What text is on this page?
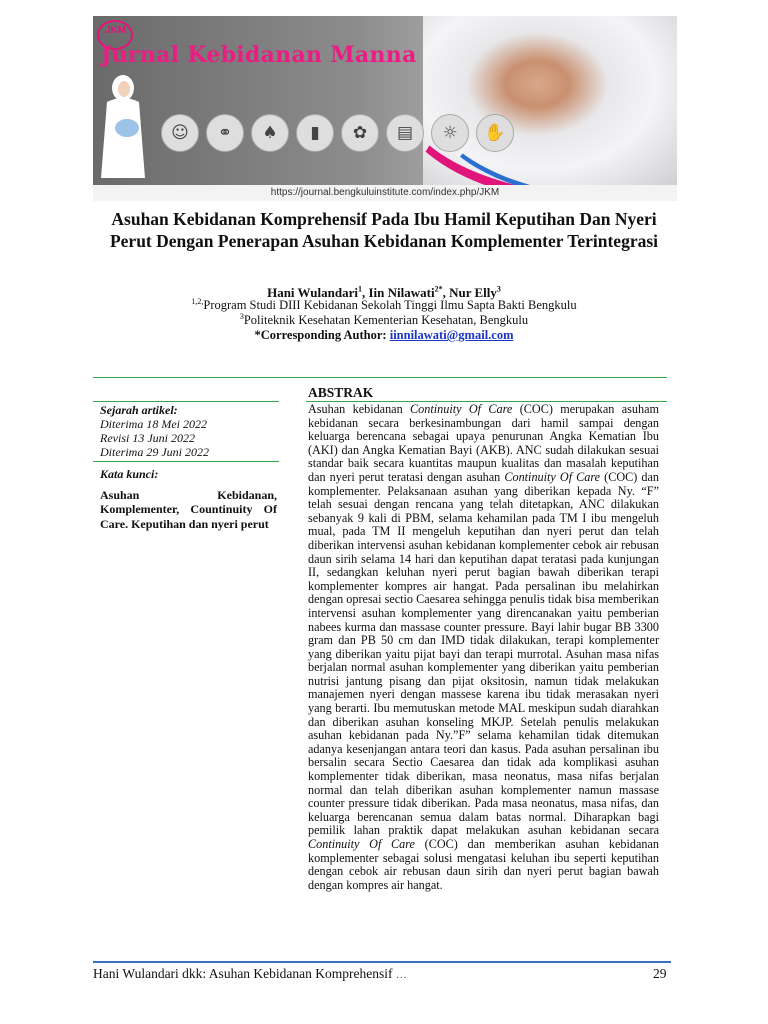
JKM
Jurnal Kebidanan Manna
☺	⚭	♠	▮	✿	▤	☼	✋
https://journal.bengkuluinstitute.com/index.php/JKM
Asuhan Kebidanan Komprehensif Pada Ibu Hamil Keputihan Dan Nyeri
Perut Dengan Penerapan Asuhan Kebidanan Komplementer Terintegrasi
Hani Wulandari$^1$, Iin Nilawati$^{2*}$, Nur Elly$^3$
$^{1,2,}$Program Studi DIII Kebidanan Sekolah Tinggi Ilmu Sapta Bakti Bengkulu
$^3$Politeknik Kesehatan Kementerian Kesehatan, Bengkulu
*Corresponding Author: iinnilawati@gmail.com
ABSTRAK
Sejarah artikel:
Diterima 18 Mei 2022
Revisi 13 Juni 2022
Diterima 29 Juni 2022
Kata kunci:
Asuhan Kebidanan, Komplementer, Countinuity Of Care. Keputihan dan nyeri perut

Asuhan kebidanan Continuity Of Care (COC) merupakan asuham kebidanan secara berkesinambungan dari hamil sampai dengan keluarga berencana sebagai upaya penurunan Angka Kematian Ibu (AKI) dan Angka Kematian Bayi (AKB). ANC sudah dilakukan sesuai standar baik secara kuantitas maupun kualitas dan masalah keputihan dan nyeri perut teratasi dengan asuhan Continuity Of Care (COC) dan komplementer. Pelaksanaan asuhan yang diberikan kepada Ny. “F” telah sesuai dengan rencana yang telah ditetapkan, ANC dilakukan sebanyak 9 kali di PBM, selama kehamilan pada TM I ibu mengeluh mual, pada TM II mengeluh keputihan dan nyeri perut dan telah diberikan intervensi asuhan kebidanan komplementer cebok air rebusan daun sirih selama 14 hari dan keputihan dapat teratasi pada kunjungan II, sedangkan keluhan nyeri perut bagian bawah diberikan terapi komplementer kompres air hangat. Pada persalinan ibu melahirkan dengan opresai sectio Caesarea sehingga penulis tidak bisa memberikan intervensi asuhan komplementer yang direncanakan yaitu pemberian nabees kurma dan massase counter pressure. Bayi lahir bugar BB 3300 gram dan PB 50 cm dan IMD tidak dilakukan, terapi komplementer yang diberikan yaitu pijat bayi dan terapi murrotal. Asuhan masa nifas berjalan normal asuhan komplementer yang diberikan yaitu pemberian nutrisi jantung pisang dan pijat oksitosin, namun tidak melakukan manajemen nyeri dengan massese karena ibu tidak merasakan nyeri yang berarti. Ibu memutuskan metode MAL meskipun sudah diarahkan dan diberikan asuhan konseling MKJP. Setelah penulis melakukan asuhan kebidanan pada Ny.”F” selama kehamilan tidak ditemukan adanya kesenjangan antara teori dan kasus. Pada asuhan persalinan ibu bersalin secara Sectio Caesarea dan tidak ada komplikasi asuhan komplementer tidak diberikan, masa neonatus, masa nifas berjalan normal dan telah diberikan asuhan komplementer namun massase counter pressure tidak diberikan. Pada masa neonatus, masa nifas, dan keluarga berencanan semua dalam batas normal. Diharapkan bagi pemilik lahan praktik dapat melakukan asuhan kebidanan secara Continuity Of Care (COC) dan memberikan asuhan kebidanan komplementer sebagai solusi mengatasi keluhan ibu seperti keputihan dengan cebok air rebusan daun sirih dan nyeri perut bagian bawah dengan kompres air hangat.

Hani Wulandari dkk: Asuhan Kebidanan Komprehensif …	29
